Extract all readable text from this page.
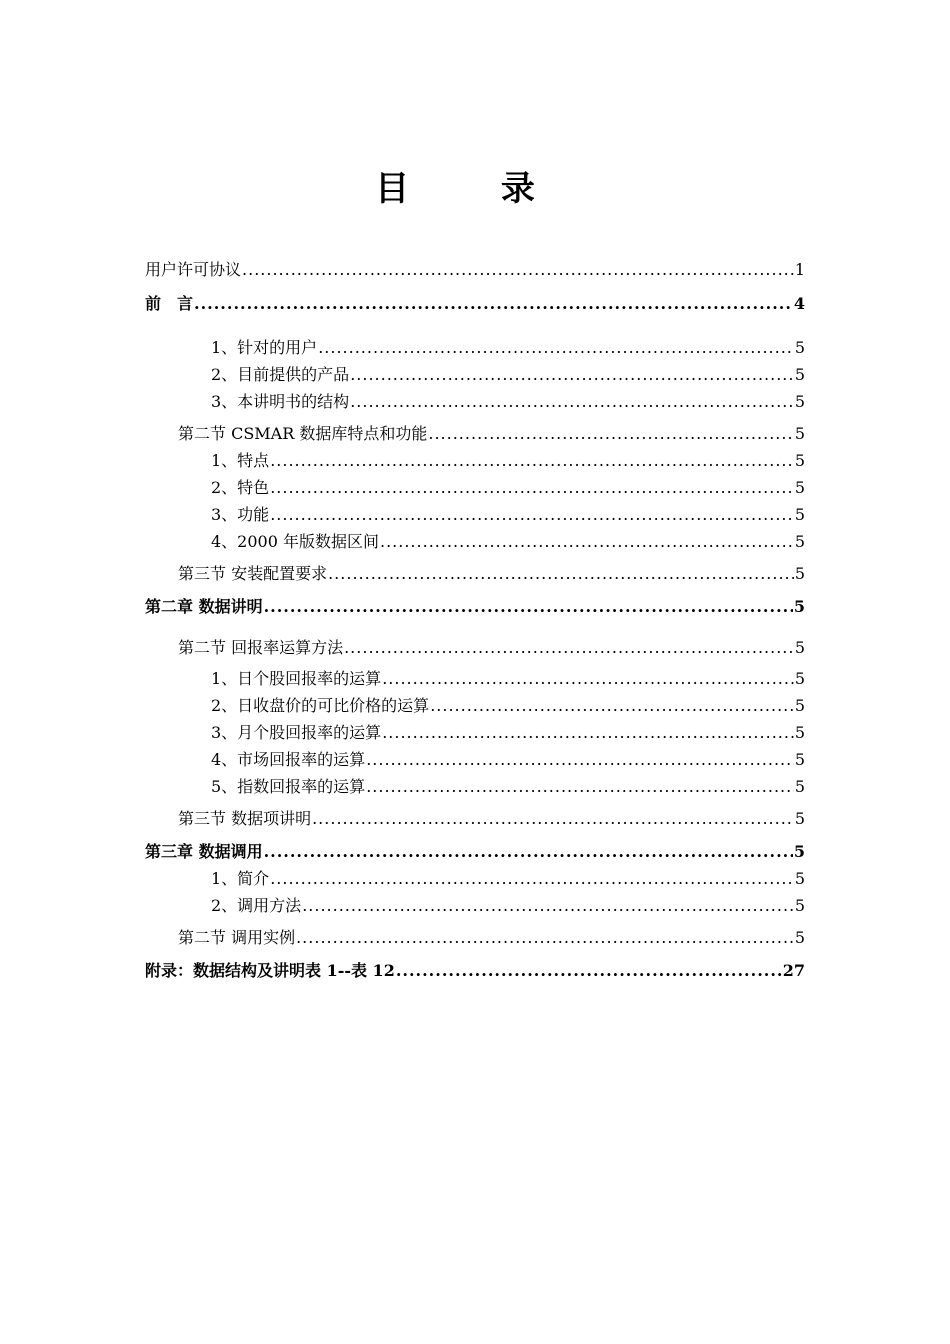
目 录
用户许可协议 .....	1
前　言 .....	4
1、针对的用户 .....	5
2、目前提供的产品 .....	5
3、本讲明书的结构 .....	5
第二节 CSMAR 数据库特点和功能 .....	5
1、特点 .....	5
2、特色 .....	5
3、功能 .....	5
4、2000 年版数据区间 .....	5
第三节 安装配置要求 .....	5
第二章 数据讲明 .....	5
第二节 回报率运算方法 .....	5
1、日个股回报率的运算 .....	5
2、日收盘价的可比价格的运算 .....	5
3、月个股回报率的运算 .....	5
4、市场回报率的运算 .....	5
5、指数回报率的运算 .....	5
第三节 数据项讲明 .....	5
第三章 数据调用 .....	5
1、简介 .....	5
2、调用方法 .....	5
第二节 调用实例 .....	5
附录：数据结构及讲明表 1--表 12 .....	27
